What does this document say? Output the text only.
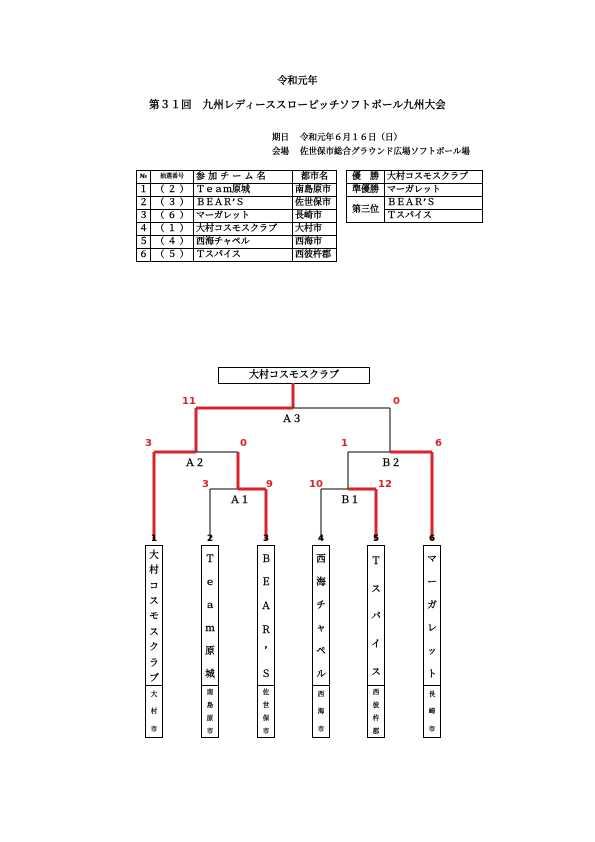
令和元年
第３１回　九州レディーススローピッチソフトボール九州大会
期日 令和元年６月１６日（日）
会場 佐世保市総合グラウンド広場ソフトボール場
№	抽選番号	参 加 チ ー ム 名	都市名
１	（ ２ ）	Ｔｅａｍ原城	南島原市
２	（ ３ ）	ＢＥＡＲ’Ｓ	佐世保市
３	（ ６ ）	マーガレット	長崎市
４	（ １ ）	大村コスモスクラブ	大村市
５	（ ４ ）	西海チャペル	西海市
６	（ ５ ）	Ｔスパイス	西彼杵郡
優　勝	大村コスモスクラブ
準優勝	マーガレット
第三位	ＢＥＡＲ’Ｓ
	Ｔスパイス
大村コスモスクラブ
Ａ３
Ａ２	Ｂ２
Ａ１	Ｂ１
11	0
3	0	1	6
3	9	10	12
1	2	3	4	5	6
大
村
コ
ス
モ
ス
ク
ラ
ブ
大
村
市
Ｔ
ｅ
ａ
ｍ
原
城
南
島
原
市
Ｂ
Ｅ
Ａ
Ｒ
’
Ｓ
佐
世
保
市
西
海
チ
ャ
ペ
ル
西
海
市
Ｔ
ス
パ
イ
ス
西
彼
杵
郡
マ
ー
ガ
レ
ッ
ト
長
崎
市
